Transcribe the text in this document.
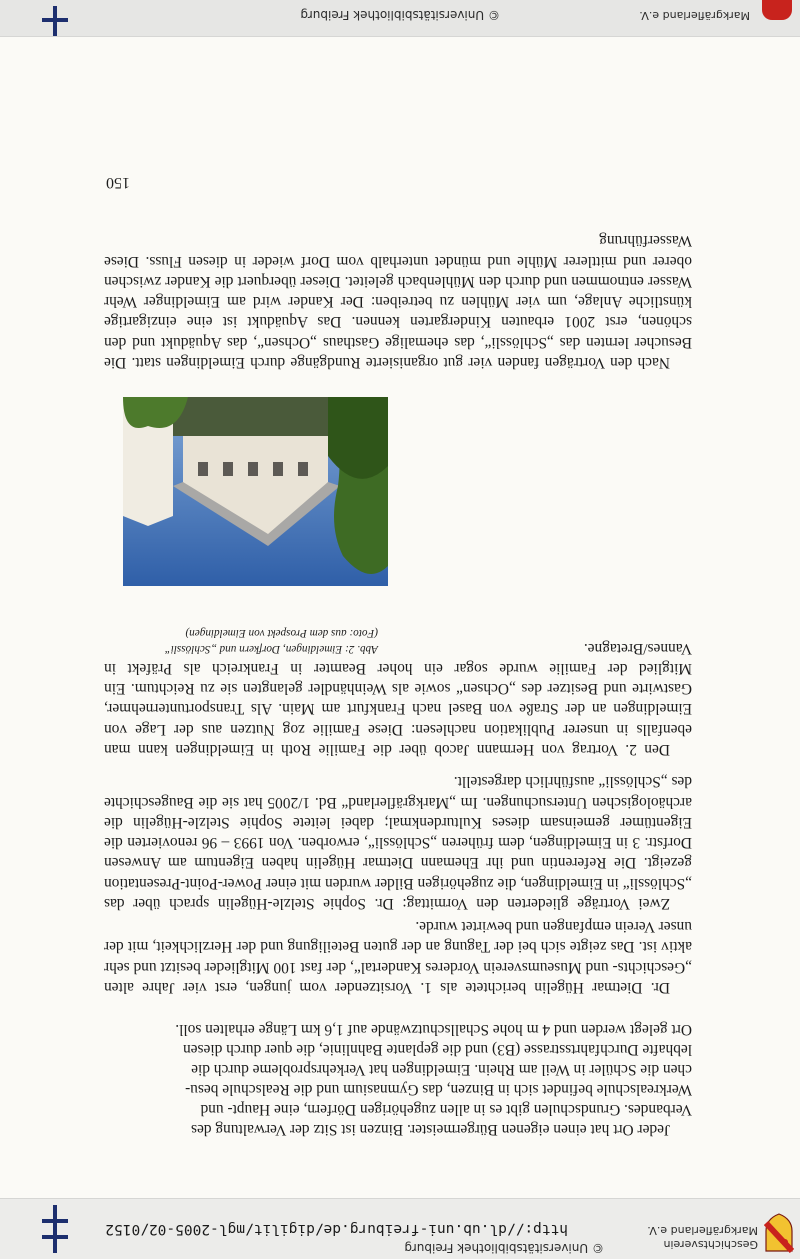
© Universitätsbibliothek Freiburg
http://dl.ub.uni-freiburg.de/digilit/mgl-2005-02/0152
Geschichtsverein
Markgräflerland e.V.
150
Jeder Ort hat einen eigenen Bürgermeister. Binzen ist Sitz der Verwaltung des
Verbandes. Grundschulen gibt es in allen zugehörigen Dörfern, eine Haupt- und
Werkrealschule befindet sich in Binzen, das Gymnasium und die Realschule besu-
chen die Schüler in Weil am Rhein. Eimeldingen hat Verkehrsprobleme durch die
lebhafte Durchfahrtsstrasse (B3) und die geplante Bahnlinie, die quer durch diesen

Ort gelegt werden und 4 m hohe Schallschutzwände auf 1,6 km Länge erhalten soll.

Dr. Dietmar Hügelin berichtete als 1. Vorsitzender vom jungen, erst vier Jahre alten „Geschichts- und Museumsverein Vorderes Kandertal“, der fast 100 Mitglieder besitzt und sehr aktiv ist. Das zeigte sich bei der Tagung an der guten Beteiligung und der Herzlichkeit, mit der unser Verein empfangen und bewirtet wurde.

Zwei Vorträge gliederten den Vormittag: Dr. Sophie Stelzle-Hügelin sprach über das „Schlössli“ in Eimeldingen, die zugehörigen Bilder wurden mit einer Power-Point-Presentation gezeigt. Die Referentin und ihr Ehemann Dietmar Hügelin haben Eigentum am Anwesen Dorfstr. 3 in Eimeldingen, dem früheren „Schlössli“, erworben. Von 1993 – 96 renovierten die Eigentümer gemeinsam dieses Kulturdenkmal; dabei leitete Sophie Stelzle-Hügelin die archäologischen Untersuchungen. Im „Markgräflerland“ Bd. 1/2005 hat sie die Baugeschichte des „Schlössli“ ausführlich dargestellt.

Den 2. Vortrag von Hermann Jacob über die Familie Roth in Eimeldingen kann man ebenfalls in unserer Publikation nachlesen: Diese Familie zog Nutzen aus der Lage von Eimeldingen an der Straße von Basel nach Frankfurt am Main. Als Transportunternehmer, Gastwirte und Besitzer des „Ochsen“ sowie als Weinhändler gelangten sie zu Reichtum. Ein Mitglied der Familie wurde sogar ein hoher Beamter in Frankreich als Präfekt in Vannes/Bretagne.

Abb. 2: Eimeldingen, Dorfkern und „Schlössli“
(Foto: aus dem Prospekt von Eimeldingen)

Nach den Vorträgen fanden vier gut organisierte Rundgänge durch Eimeldingen statt. Die Besucher lernten das „Schlössli“, das ehemalige Gasthaus „Ochsen“, das Aquädukt und den schönen, erst 2001 erbauten Kindergarten kennen. Das Aquädukt ist eine einzigartige künstliche Anlage, um vier Mühlen zu betreiben: Der Kander wird am Eimeldinger Wehr Wasser entnommen und durch den Mühlenbach geleitet. Dieser überquert die Kander zwischen oberer und mittlerer Mühle und mündet unterhalb vom Dorf wieder in diesen Fluss. Diese Wasserführung

© Universitätsbibliothek Freiburg	Markgräflerland e.V.
